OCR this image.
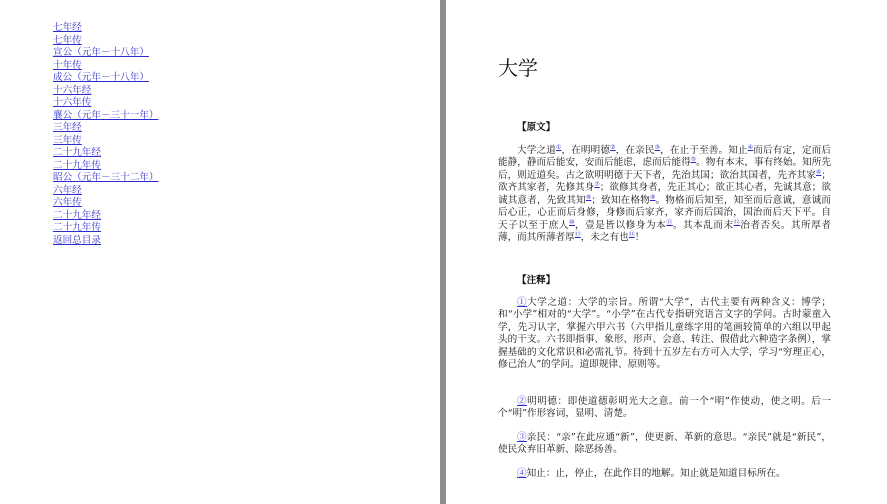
七年经
七年传
宣公（元年－十八年）
十年传
成公（元年－十八年）
十六年经
十六年传
襄公（元年－三十一年）
三年经
三年传
二十九年经
二十九年传
昭公（元年－三十二年）
六年经
六年传
二十九年经
二十九年传
返回总目录
大学
【原文】

大学之道①，在明明德②，在亲民③，在止于至善。知止④而后有定，定而后能静，静而后能安，安而后能虑，虑而后能得⑤。物有本末，事有终始。知所先后，则近道矣。古之欲明明德于天下者，先治其国；欲治其国者，先齐其家⑥；欲齐其家者，先修其身⑦；欲修其身者，先正其心；欲正其心者，先诚其意；欲诚其意者，先致其知⑧；致知在格物⑨。物格而后知至，知至而后意诚，意诚而后心正，心正而后身修，身修而后家齐，家齐而后国治，国治而后天下平。自天子以至于庶人⑩，壹是皆以修身为本⑪。其本乱而末⑫治者否矣。其所厚者薄，而其所薄者厚⑬，未之有也⑭！

【注释】

①大学之道：大学的宗旨。所谓“大学”，古代主要有两种含义：博学；和“小学”相对的“大学”。“小学”在古代专指研究语言文字的学问。古时蒙童入学，先习认字，掌握六甲六书（六甲指儿童练字用的笔画较简单的六组以甲起头的干支。六书即指事、象形、形声、会意、转注、假借此六种造字条例），掌握基础的文化常识和必需礼节。待到十五岁左右方可入大学，学习“穷理正心，修己治人”的学问。道即规律、原则等。

②明明德：即使道德彰明光大之意。前一个“明”作使动，使之明。后一个“明”作形容词，显明、清楚。

③亲民：“亲”在此应通“新”，使更新、革新的意思。“亲民”就是“新民”，使民众弃旧革新、除恶扬善。

④知止：止，停止，在此作目的地解。知止就是知道目标所在。
